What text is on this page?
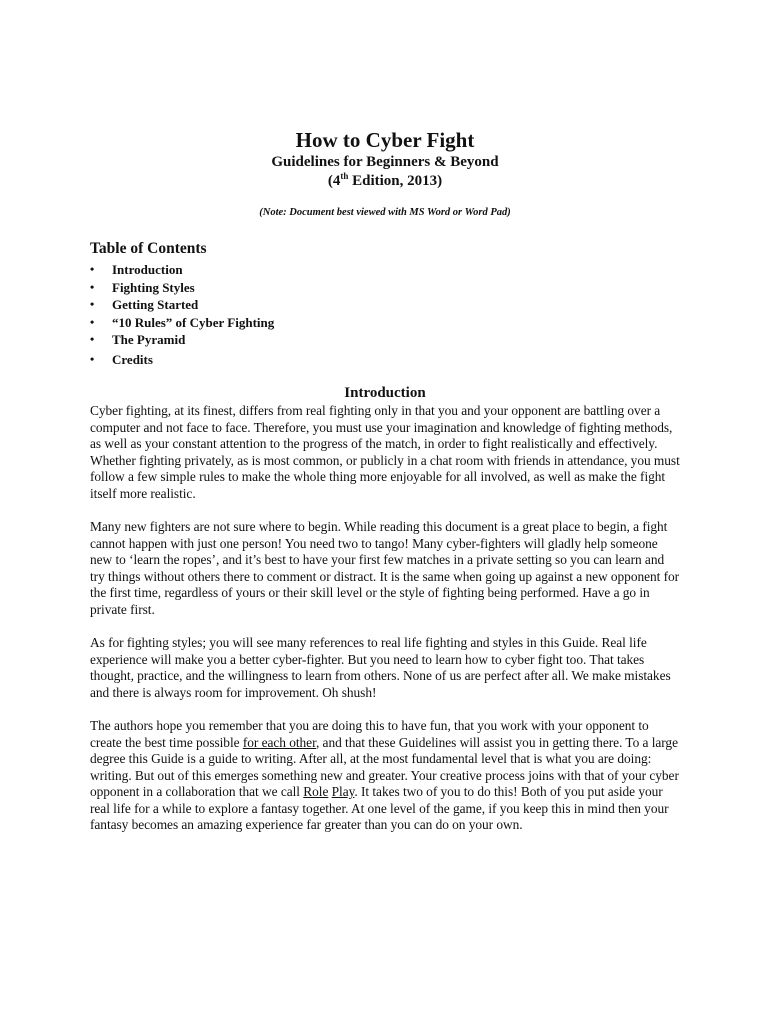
How to Cyber Fight
Guidelines for Beginners & Beyond
(4th Edition, 2013)
(Note: Document best viewed with MS Word or Word Pad)
Table of Contents
• Introduction
• Fighting Styles
• Getting Started
• “10 Rules” of Cyber Fighting
• The Pyramid
• Credits
Introduction

Cyber fighting, at its finest, differs from real fighting only in that you and your opponent are battling over a computer and not face to face. Therefore, you must use your imagination and knowledge of fighting methods, as well as your constant attention to the progress of the match, in order to fight realistically and effectively. Whether fighting privately, as is most common, or publicly in a chat room with friends in attendance, you must follow a few simple rules to make the whole thing more enjoyable for all involved, as well as make the fight itself more realistic.

Many new fighters are not sure where to begin. While reading this document is a great place to begin, a fight cannot happen with just one person! You need two to tango! Many cyber-fighters will gladly help someone new to ‘learn the ropes’, and it’s best to have your first few matches in a private setting so you can learn and try things without others there to comment or distract. It is the same when going up against a new opponent for the first time, regardless of yours or their skill level or the style of fighting being performed. Have a go in private first.

As for fighting styles; you will see many references to real life fighting and styles in this Guide. Real life experience will make you a better cyber-fighter. But you need to learn how to cyber fight too. That takes thought, practice, and the willingness to learn from others. None of us are perfect after all. We make mistakes and there is always room for improvement. Oh shush!

The authors hope you remember that you are doing this to have fun, that you work with your opponent to create the best time possible for each other, and that these Guidelines will assist you in getting there. To a large degree this Guide is a guide to writing. After all, at the most fundamental level that is what you are doing: writing. But out of this emerges something new and greater. Your creative process joins with that of your cyber opponent in a collaboration that we call Role Play. It takes two of you to do this! Both of you put aside your real life for a while to explore a fantasy together. At one level of the game, if you keep this in mind then your fantasy becomes an amazing experience far greater than you can do on your own.
